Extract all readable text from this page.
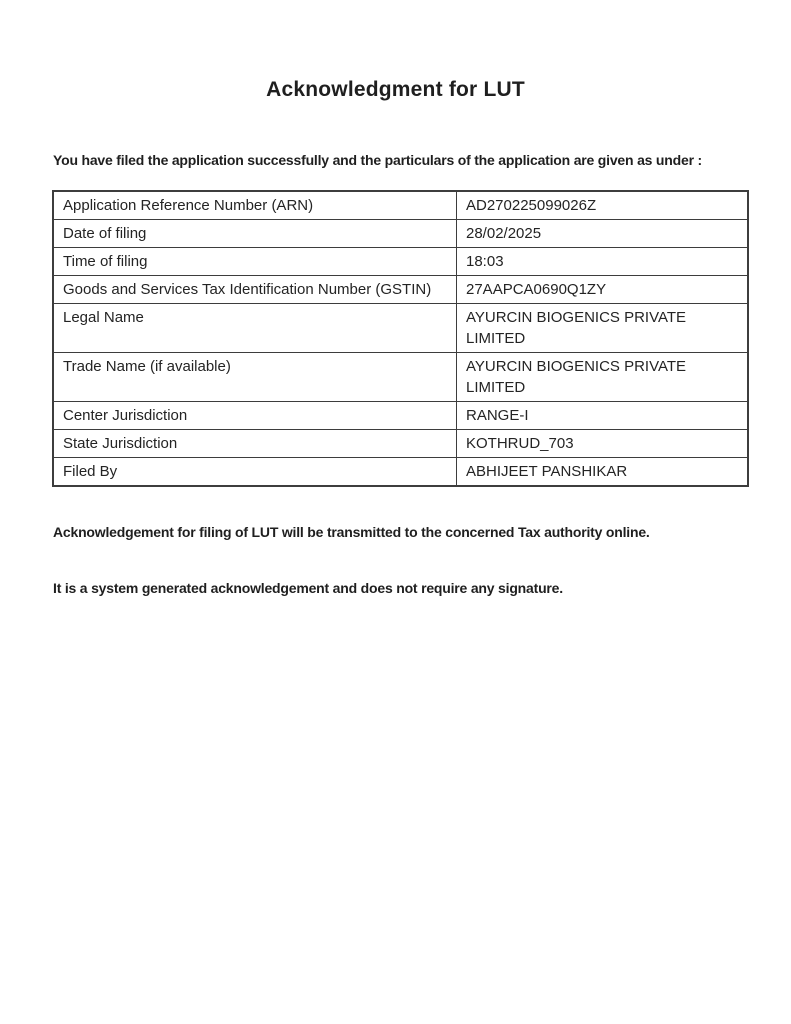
Acknowledgment for LUT

You have filed the application successfully and the particulars of the application are given as under :

Application Reference Number (ARN)	AD270225099026Z
Date of filing	28/02/2025
Time of filing	18:03
Goods and Services Tax Identification Number (GSTIN)	27AAPCA0690Q1ZY
Legal Name	AYURCIN BIOGENICS PRIVATE LIMITED
Trade Name (if available)	AYURCIN BIOGENICS PRIVATE LIMITED
Center Jurisdiction	RANGE-I
State Jurisdiction	KOTHRUD_703
Filed By	ABHIJEET PANSHIKAR

Acknowledgement for filing of LUT will be transmitted to the concerned Tax authority online.

It is a system generated acknowledgement and does not require any signature.
